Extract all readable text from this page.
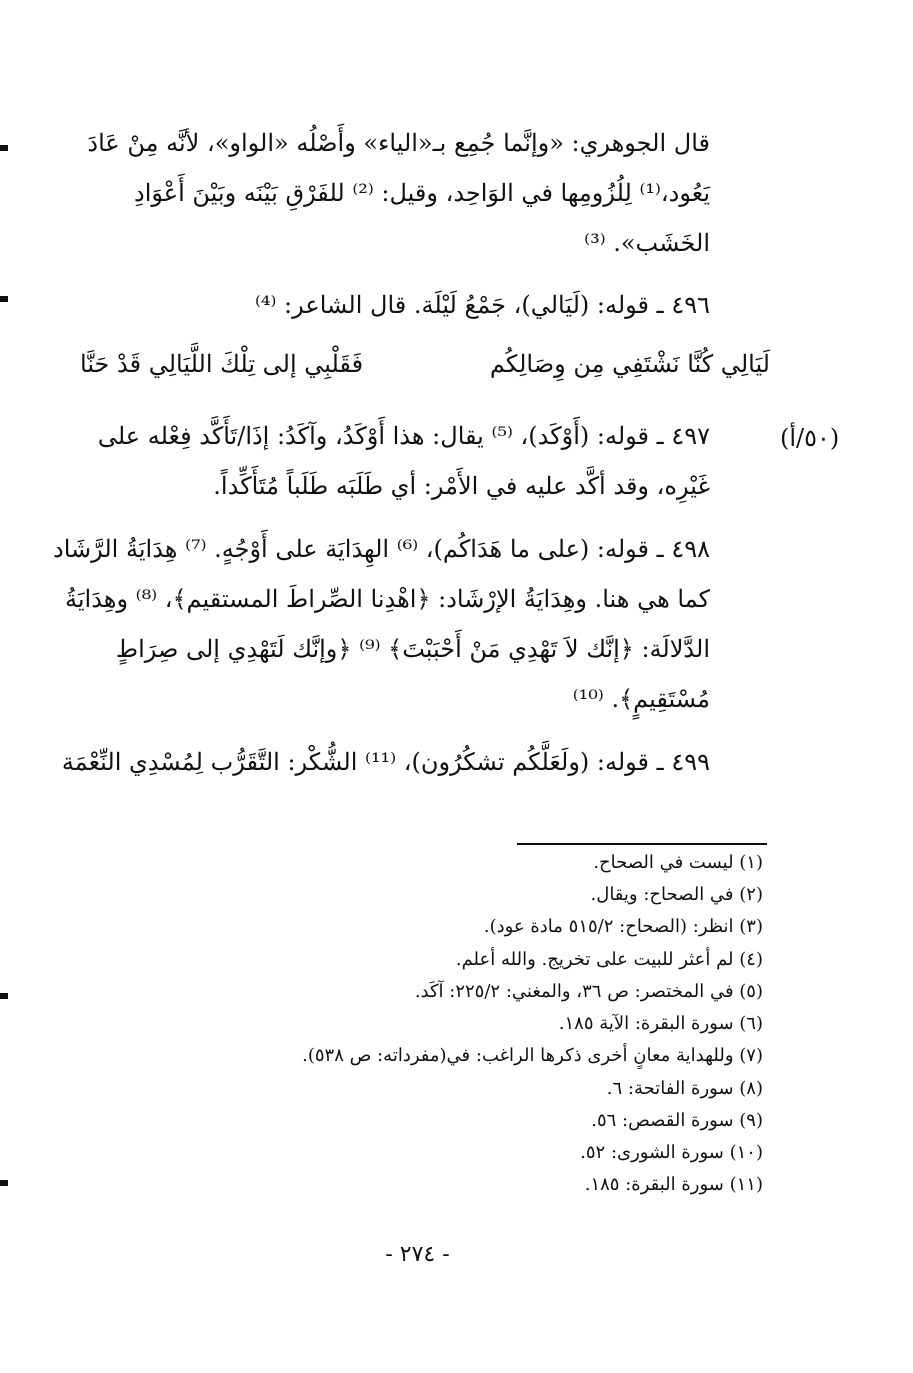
قال الجوهري: «وإنَّما جُمِع بـ«الياء» وأَصْلُه «الواو»، لأنَّه مِنْ عَادَ
يَعُود،⁽¹⁾ لِلُزُومِها في الوَاحِد، وقيل: ⁽²⁾ للفَرْقِ بَيْنَه وبَيْنَ أَعْوَادِ
الخَشَب». ⁽³⁾
٤٩٦ ـ قوله: (لَيَالي)، جَمْعُ لَيْلَة. قال الشاعر: ⁽⁴⁾
لَيَالِي كُنَّا نَشْتَفِي مِن وِصَالِكُم
فَقَلْبِي إلى تِلْكَ اللَّيَالِي قَدْ حَنَّا
(٥٠/أ)
٤٩٧ ـ قوله: (أَوْكَد)، ⁽⁵⁾ يقال: هذا أَوْكَدُ، وآكَدُ: إذَا/تَأَكَّد فِعْله على
غَيْرِه، وقد أكَّد عليه في الأَمْر: أي طَلَبَه طَلَباً مُتَأَكِّداً.
٤٩٨ ـ قوله: (على ما هَدَاكُم)، ⁽⁶⁾ الهِدَايَة على أَوْجُهٍ. ⁽⁷⁾ هِدَايَةُ الرَّشَاد
كما هي هنا. وهِدَايَةُ الإرْشَاد: ﴿اهْدِنا الصِّراطَ المستقيم﴾، ⁽⁸⁾ وهِدَايَةُ
الدَّلالَة: ﴿إنَّك لاَ تَهْدِي مَنْ أَحْبَبْتَ﴾ ⁽⁹⁾ ﴿وإنَّك لَتَهْدِي إلى صِرَاطٍ
مُسْتَقِيمٍ﴾. ⁽¹⁰⁾
٤٩٩ ـ قوله: (ولَعَلَّكُم تشكُرُون)، ⁽¹¹⁾ الشُّكْر: التَّقَرُّب لِمُسْدِي النِّعْمَة
(١) ليست في الصحاح.
(٢) في الصحاح: ويقال.
(٣) انظر: (الصحاح: ٥١٥/٢ مادة عود).
(٤) لم أعثر للبيت على تخريج. والله أعلم.
(٥) في المختصر: ص ٣٦، والمغني: ٢٢٥/٢: آكَد.
(٦) سورة البقرة: الآية ١٨٥.
(٧) وللهداية معانٍ أخرى ذكرها الراغب: في(مفرداته: ص ٥٣٨).
(٨) سورة الفاتحة: ٦.
(٩) سورة القصص: ٥٦.
(١٠) سورة الشورى: ٥٢.
(١١) سورة البقرة: ١٨٥.
- ٢٧٤ -
